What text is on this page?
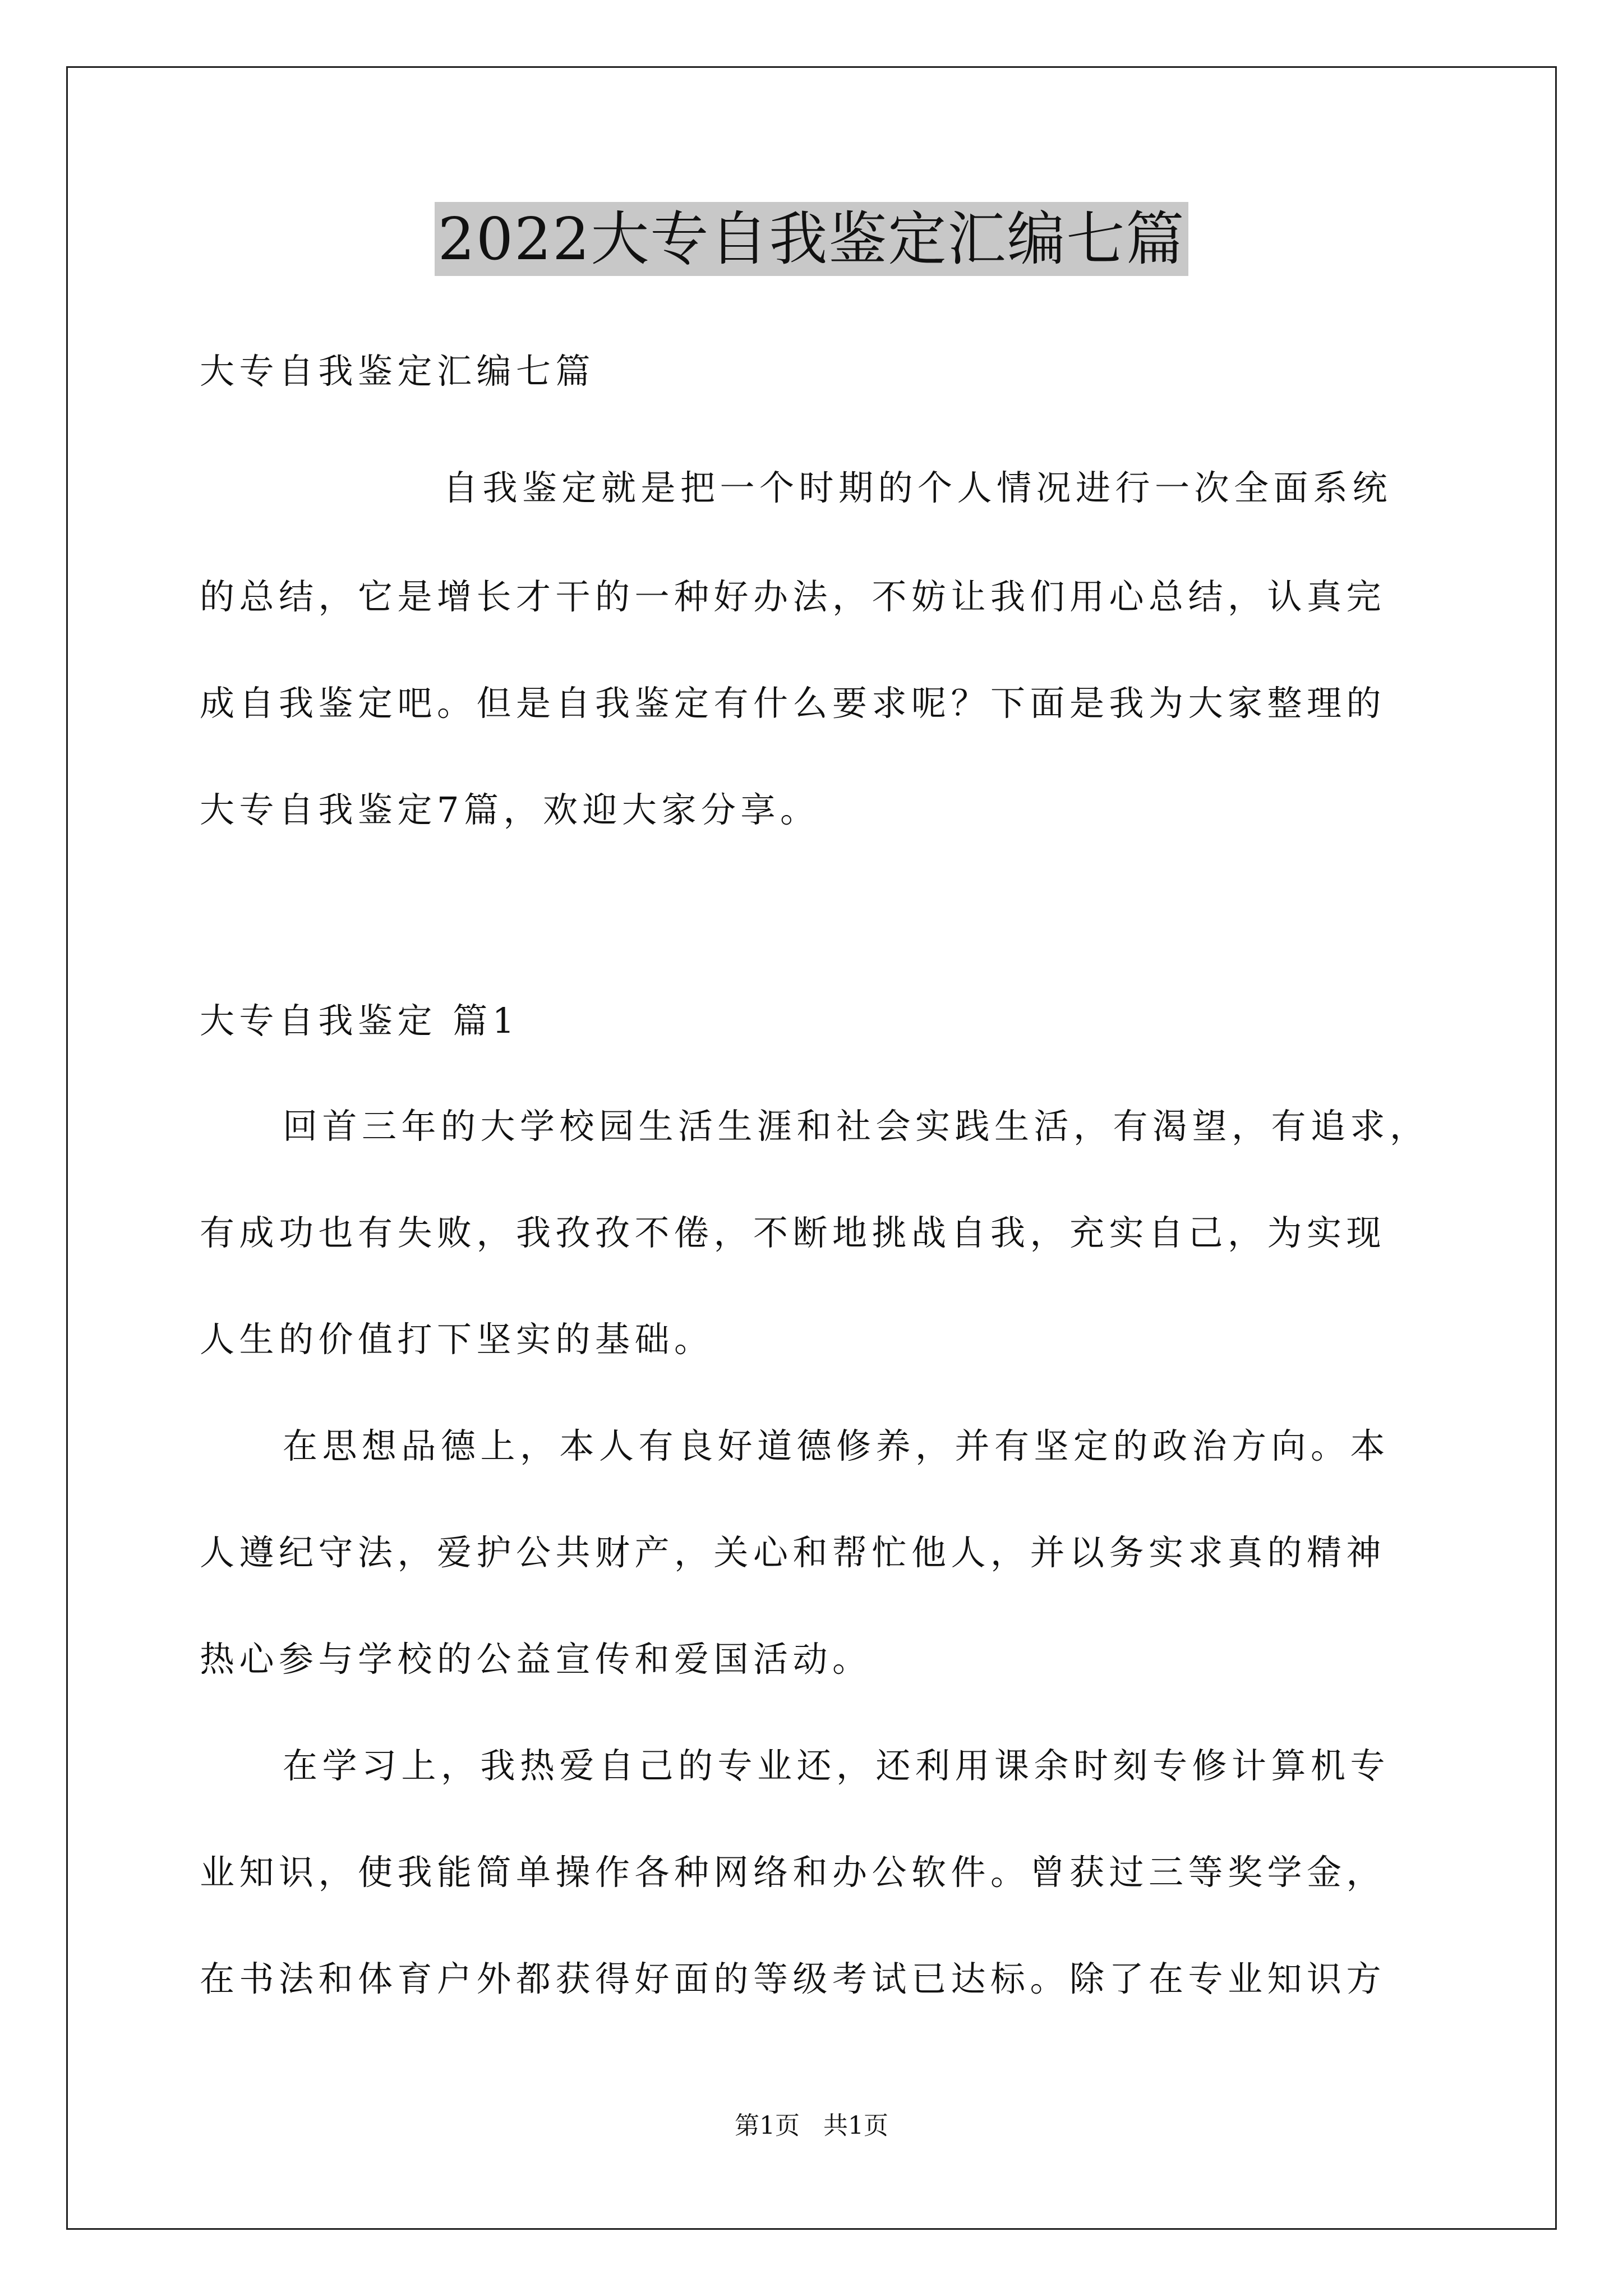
2022大专自我鉴定汇编七篇
大专自我鉴定汇编七篇
自我鉴定就是把一个时期的个人情况进行一次全面系统
的总结，它是增长才干的一种好办法，不妨让我们用心总结，认真完
成自我鉴定吧。但是自我鉴定有什么要求呢？下面是我为大家整理的
大专自我鉴定7篇，欢迎大家分享。
大专自我鉴定 篇1
回首三年的大学校园生活生涯和社会实践生活，有渴望，有追求，
有成功也有失败，我孜孜不倦，不断地挑战自我，充实自己，为实现
人生的价值打下坚实的基础。
在思想品德上，本人有良好道德修养，并有坚定的政治方向。本
人遵纪守法，爱护公共财产，关心和帮忙他人，并以务实求真的精神
热心参与学校的公益宣传和爱国活动。
在学习上，我热爱自己的专业还，还利用课余时刻专修计算机专
业知识，使我能简单操作各种网络和办公软件。曾获过三等奖学金，
在书法和体育户外都获得好面的等级考试已达标。除了在专业知识方
第1页   共1页
